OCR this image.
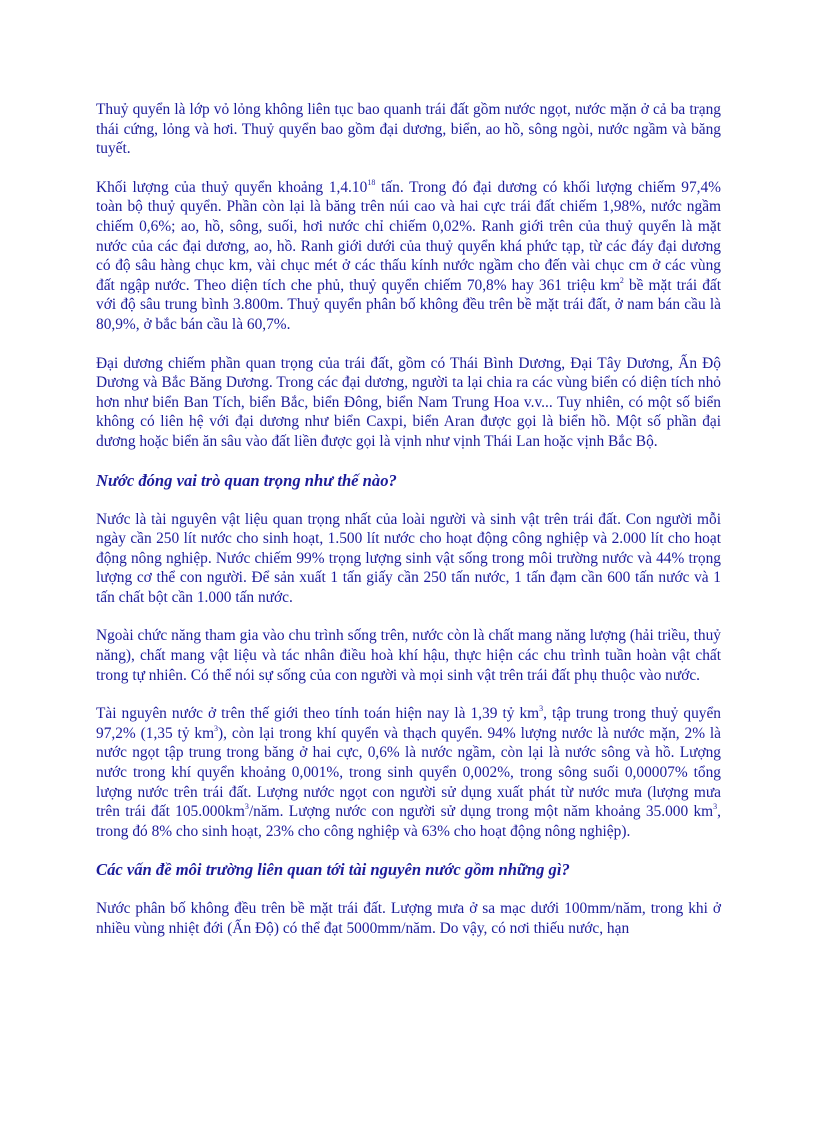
Thuỷ quyển là lớp vỏ lỏng không liên tục bao quanh trái đất gồm nước ngọt, nước mặn ở cả ba trạng thái cứng, lỏng và hơi. Thuỷ quyển bao gồm đại dương, biển, ao hồ, sông ngòi, nước ngầm và băng tuyết.

Khối lượng của thuỷ quyển khoảng 1,4.10$^{18}$ tấn. Trong đó đại dương có khối lượng chiếm 97,4% toàn bộ thuỷ quyển. Phần còn lại là băng trên núi cao và hai cực trái đất chiếm 1,98%, nước ngầm chiếm 0,6%; ao, hồ, sông, suối, hơi nước chỉ chiếm 0,02%. Ranh giới trên của thuỷ quyển là mặt nước của các đại dương, ao, hồ. Ranh giới dưới của thuỷ quyển khá phức tạp, từ các đáy đại dương có độ sâu hàng chục km, vài chục mét ở các thấu kính nước ngầm cho đến vài chục cm ở các vùng đất ngập nước. Theo diện tích che phủ, thuỷ quyển chiếm 70,8% hay 361 triệu $km^2$ bề mặt trái đất với độ sâu trung bình 3.800m. Thuỷ quyển phân bố không đều trên bề mặt trái đất, ở nam bán cầu là 80,9%, ở bắc bán cầu là 60,7%.

Đại dương chiếm phần quan trọng của trái đất, gồm có Thái Bình Dương, Đại Tây Dương, Ấn Độ Dương và Bắc Băng Dương. Trong các đại dương, người ta lại chia ra các vùng biển có diện tích nhỏ hơn như biển Ban Tích, biển Bắc, biển Đông, biển Nam Trung Hoa v.v... Tuy nhiên, có một số biển không có liên hệ với đại dương như biển Caxpi, biển Aran được gọi là biển hồ. Một số phần đại dương hoặc biển ăn sâu vào đất liền được gọi là vịnh như vịnh Thái Lan hoặc vịnh Bắc Bộ.

Nước đóng vai trò quan trọng như thế nào?

Nước là tài nguyên vật liệu quan trọng nhất của loài người và sinh vật trên trái đất. Con người mỗi ngày cần 250 lít nước cho sinh hoạt, 1.500 lít nước cho hoạt động công nghiệp và 2.000 lít cho hoạt động nông nghiệp. Nước chiếm 99% trọng lượng sinh vật sống trong môi trường nước và 44% trọng lượng cơ thể con người. Để sản xuất 1 tấn giấy cần 250 tấn nước, 1 tấn đạm cần 600 tấn nước và 1 tấn chất bột cần 1.000 tấn nước.

Ngoài chức năng tham gia vào chu trình sống trên, nước còn là chất mang năng lượng (hải triều, thuỷ năng), chất mang vật liệu và tác nhân điều hoà khí hậu, thực hiện các chu trình tuần hoàn vật chất trong tự nhiên. Có thể nói sự sống của con người và mọi sinh vật trên trái đất phụ thuộc vào nước.

Tài nguyên nước ở trên thế giới theo tính toán hiện nay là 1,39 tỷ $km^3$, tập trung trong thuỷ quyển 97,2% (1,35 tỷ $km^3$), còn lại trong khí quyển và thạch quyển. 94% lượng nước là nước mặn, 2% là nước ngọt tập trung trong băng ở hai cực, 0,6% là nước ngầm, còn lại là nước sông và hồ. Lượng nước trong khí quyển khoảng 0,001%, trong sinh quyển 0,002%, trong sông suối 0,00007% tổng lượng nước trên trái đất. Lượng nước ngọt con người sử dụng xuất phát từ nước mưa (lượng mưa trên trái đất $105.000km^3$/năm. Lượng nước con người sử dụng trong một năm khoảng 35.000 $km^3$, trong đó 8% cho sinh hoạt, 23% cho công nghiệp và 63% cho hoạt động nông nghiệp).

Các vấn đề môi trường liên quan tới tài nguyên nước gồm những gì?

Nước phân bố không đều trên bề mặt trái đất. Lượng mưa ở sa mạc dưới 100mm/năm, trong khi ở nhiều vùng nhiệt đới (Ấn Độ) có thể đạt 5000mm/năm. Do vậy, có nơi thiếu nước, hạn
